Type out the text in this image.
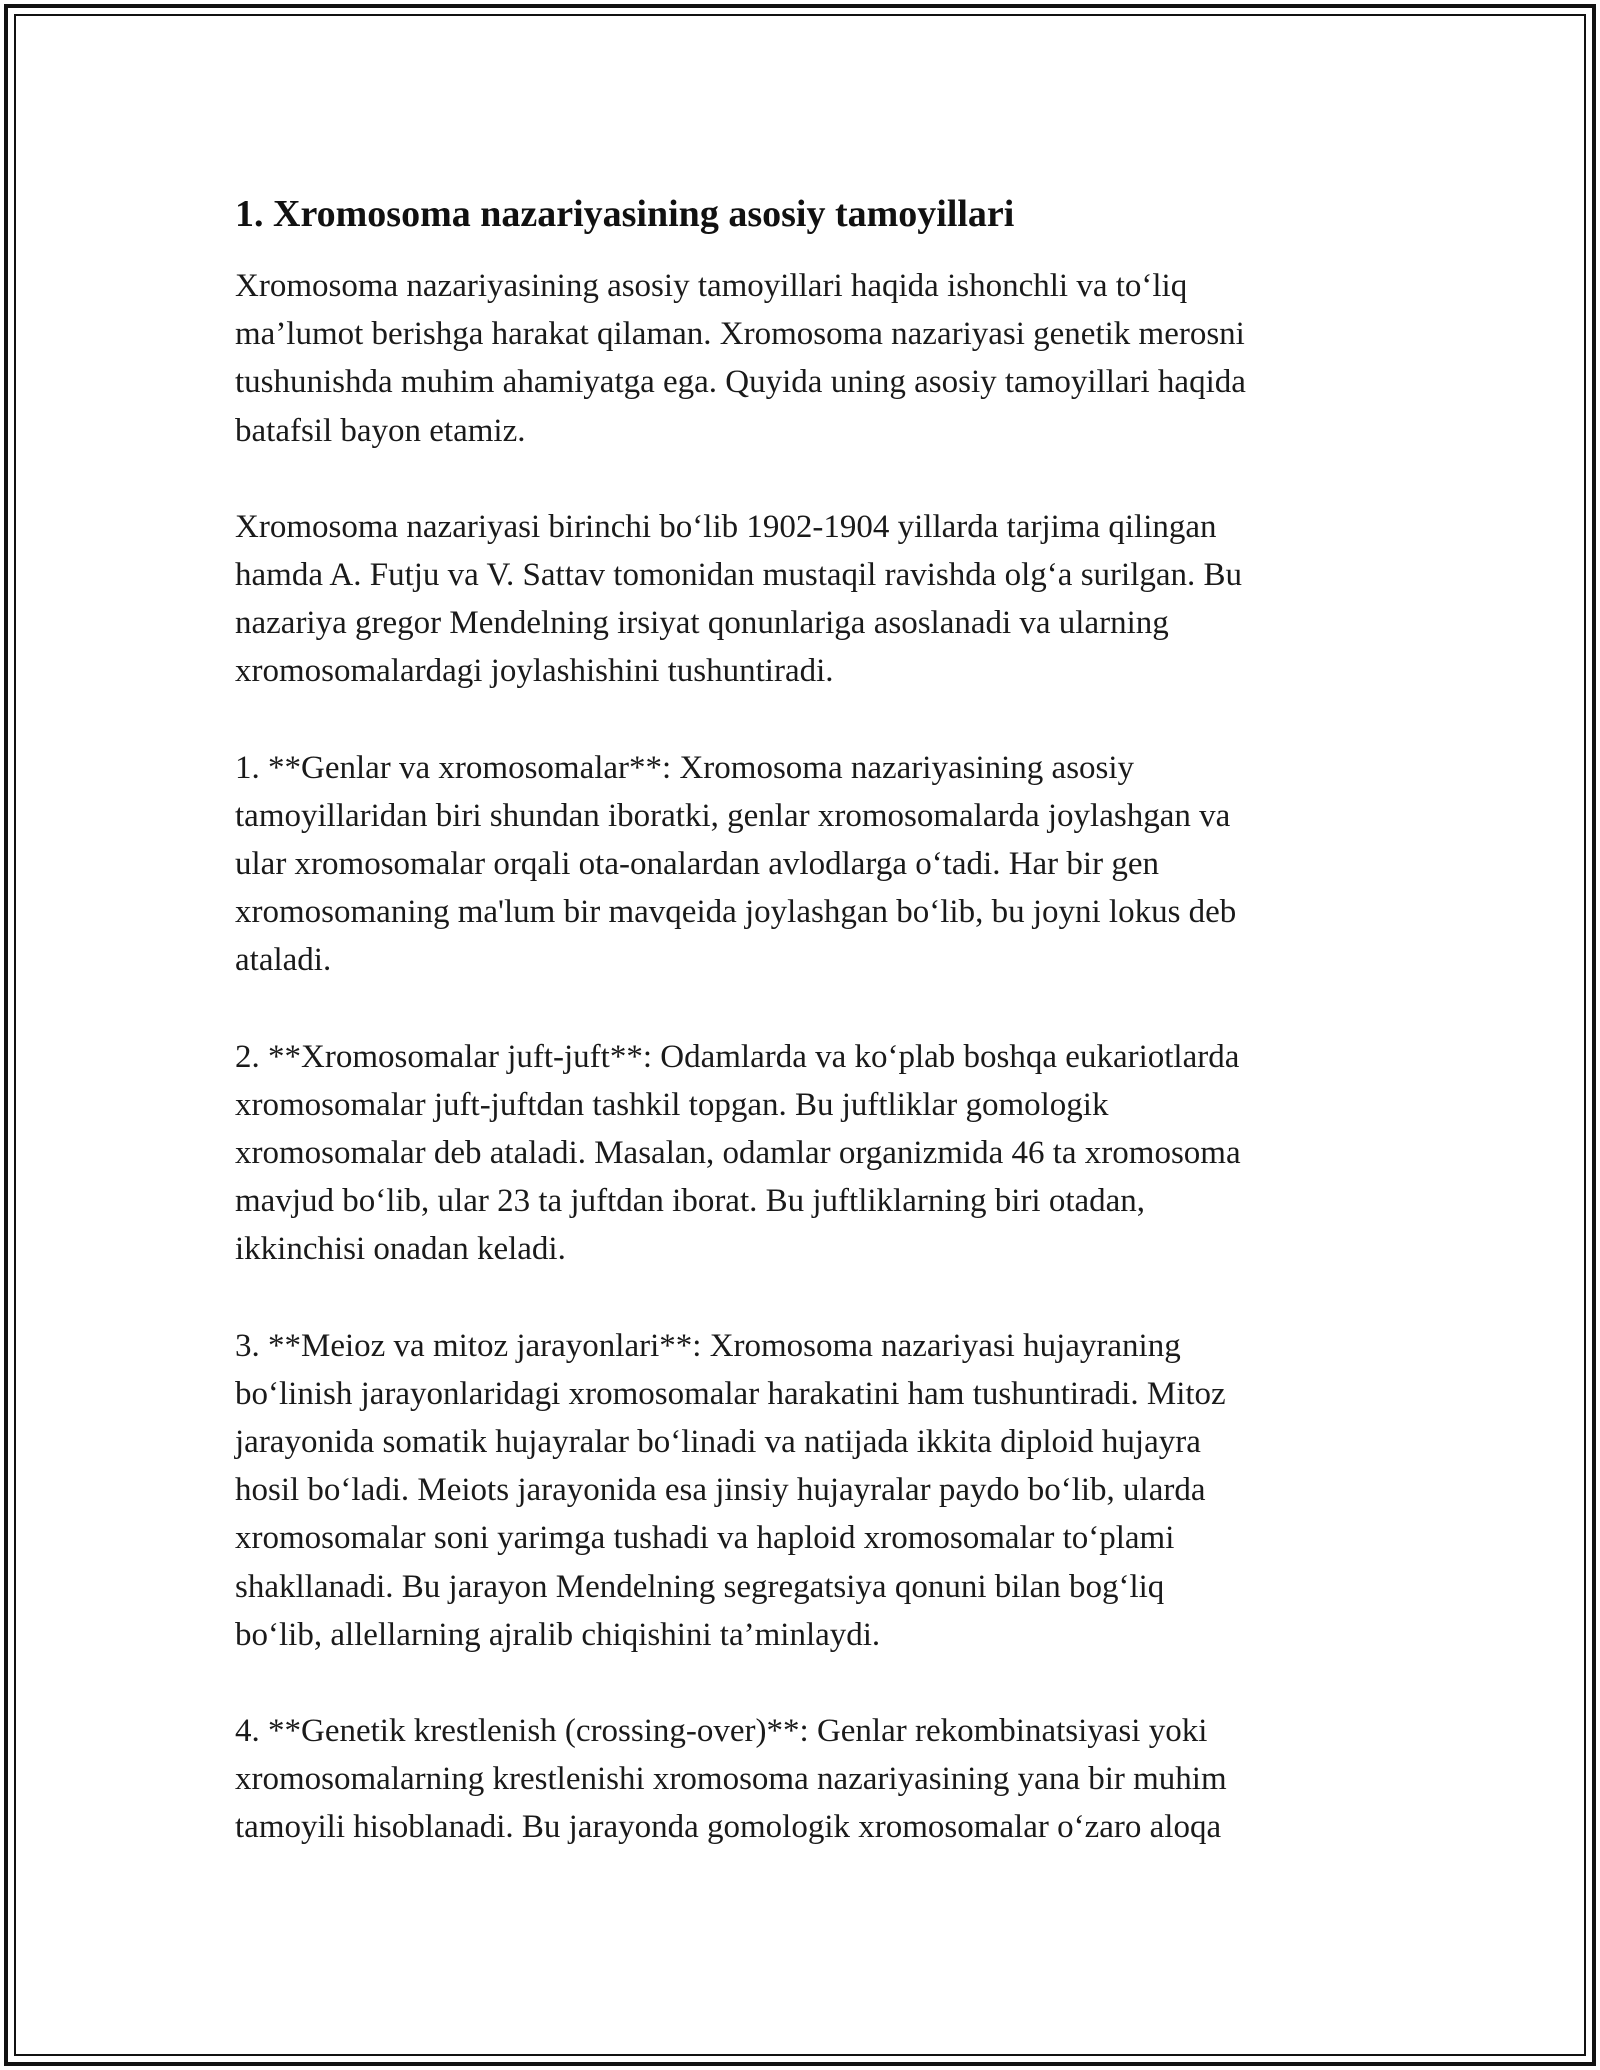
1. Xromosoma nazariyasining asosiy tamoyillari

Xromosoma nazariyasining asosiy tamoyillari haqida ishonchli va to‘liq
ma’lumot berishga harakat qilaman. Xromosoma nazariyasi genetik merosni
tushunishda muhim ahamiyatga ega. Quyida uning asosiy tamoyillari haqida
batafsil bayon etamiz.

Xromosoma nazariyasi birinchi bo‘lib 1902-1904 yillarda tarjima qilingan
hamda A. Futju va V. Sattav tomonidan mustaqil ravishda olg‘a surilgan. Bu
nazariya gregor Mendelning irsiyat qonunlariga asoslanadi va ularning
xromosomalardagi joylashishini tushuntiradi.

1. **Genlar va xromosomalar**: Xromosoma nazariyasining asosiy
tamoyillaridan biri shundan iboratki, genlar xromosomalarda joylashgan va
ular xromosomalar orqali ota-onalardan avlodlarga o‘tadi. Har bir gen
xromosomaning ma'lum bir mavqeida joylashgan bo‘lib, bu joyni lokus deb
ataladi.

2. **Xromosomalar juft-juft**: Odamlarda va ko‘plab boshqa eukariotlarda
xromosomalar juft-juftdan tashkil topgan. Bu juftliklar gomologik
xromosomalar deb ataladi. Masalan, odamlar organizmida 46 ta xromosoma
mavjud bo‘lib, ular 23 ta juftdan iborat. Bu juftliklarning biri otadan,
ikkinchisi onadan keladi.

3. **Meioz va mitoz jarayonlari**: Xromosoma nazariyasi hujayraning
bo‘linish jarayonlaridagi xromosomalar harakatini ham tushuntiradi. Mitoz
jarayonida somatik hujayralar bo‘linadi va natijada ikkita diploid hujayra
hosil bo‘ladi. Meiots jarayonida esa jinsiy hujayralar paydo bo‘lib, ularda
xromosomalar soni yarimga tushadi va haploid xromosomalar to‘plami
shakllanadi. Bu jarayon Mendelning segregatsiya qonuni bilan bog‘liq
bo‘lib, allellarning ajralib chiqishini ta’minlaydi.

4. **Genetik krestlenish (crossing-over)**: Genlar rekombinatsiyasi yoki
xromosomalarning krestlenishi xromosoma nazariyasining yana bir muhim
tamoyili hisoblanadi. Bu jarayonda gomologik xromosomalar o‘zaro aloqa
